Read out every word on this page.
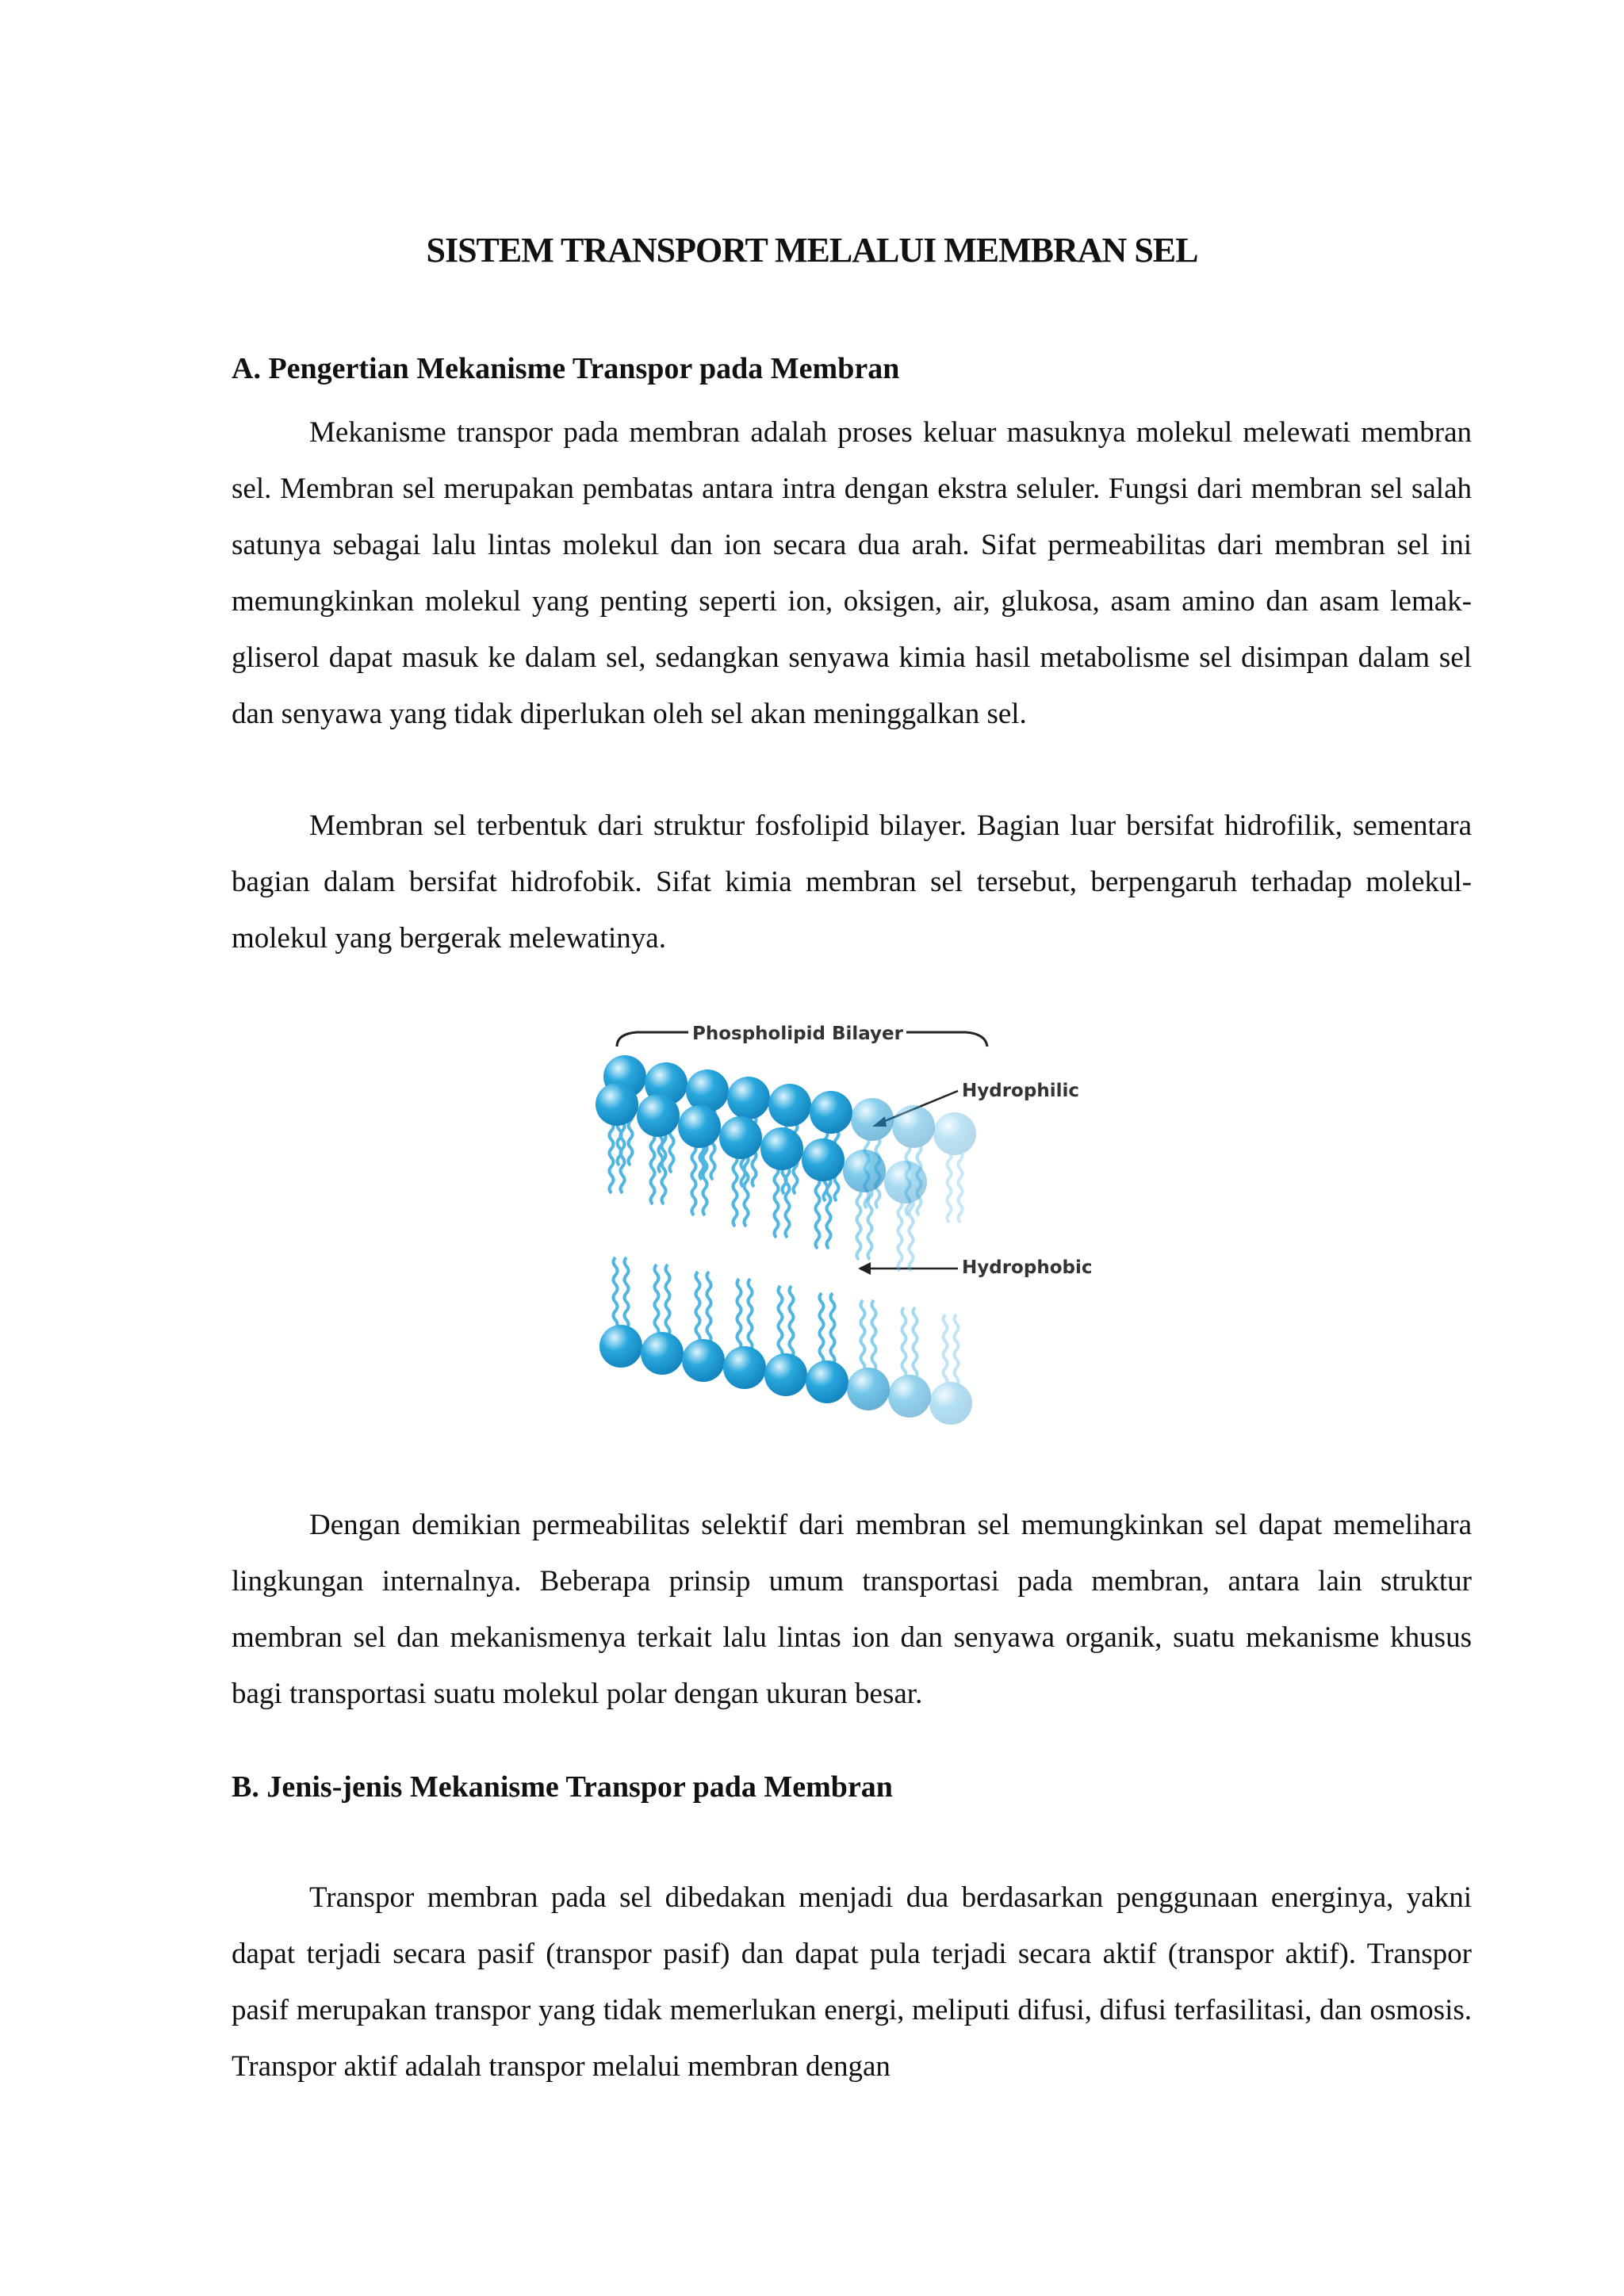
SISTEM TRANSPORT MELALUI MEMBRAN SEL
A. Pengertian Mekanisme Transpor pada Membran

Mekanisme transpor pada membran adalah proses keluar masuknya molekul melewati membran sel. Membran sel merupakan pembatas antara intra dengan ekstra seluler. Fungsi dari membran sel salah satunya sebagai lalu lintas molekul dan ion secara dua arah. Sifat permeabilitas dari membran sel ini memungkinkan molekul yang penting seperti ion, oksigen, air, glukosa, asam amino dan asam lemak-gliserol dapat masuk ke dalam sel, sedangkan senyawa kimia hasil metabolisme sel disimpan dalam sel dan senyawa yang tidak diperlukan oleh sel akan meninggalkan sel.

Membran sel terbentuk dari struktur fosfolipid bilayer. Bagian luar bersifat hidrofilik, sementara bagian dalam bersifat hidrofobik. Sifat kimia membran sel tersebut, berpengaruh terhadap molekul-molekul yang bergerak melewatinya.

Phospholipid Bilayer
Hydrophilic
Hydrophobic

Dengan demikian permeabilitas selektif dari membran sel memungkinkan sel dapat memelihara lingkungan internalnya. Beberapa prinsip umum transportasi pada membran, antara lain struktur membran sel dan mekanismenya terkait lalu lintas ion dan senyawa organik, suatu mekanisme khusus bagi transportasi suatu molekul polar dengan ukuran besar.

B. Jenis-jenis Mekanisme Transpor pada Membran

Transpor membran pada sel dibedakan menjadi dua berdasarkan penggunaan energinya, yakni dapat terjadi secara pasif (transpor pasif) dan dapat pula terjadi secara aktif (transpor aktif). Transpor pasif merupakan transpor yang tidak memerlukan energi, meliputi difusi, difusi terfasilitasi, dan osmosis. Transpor aktif adalah transpor melalui membran dengan
